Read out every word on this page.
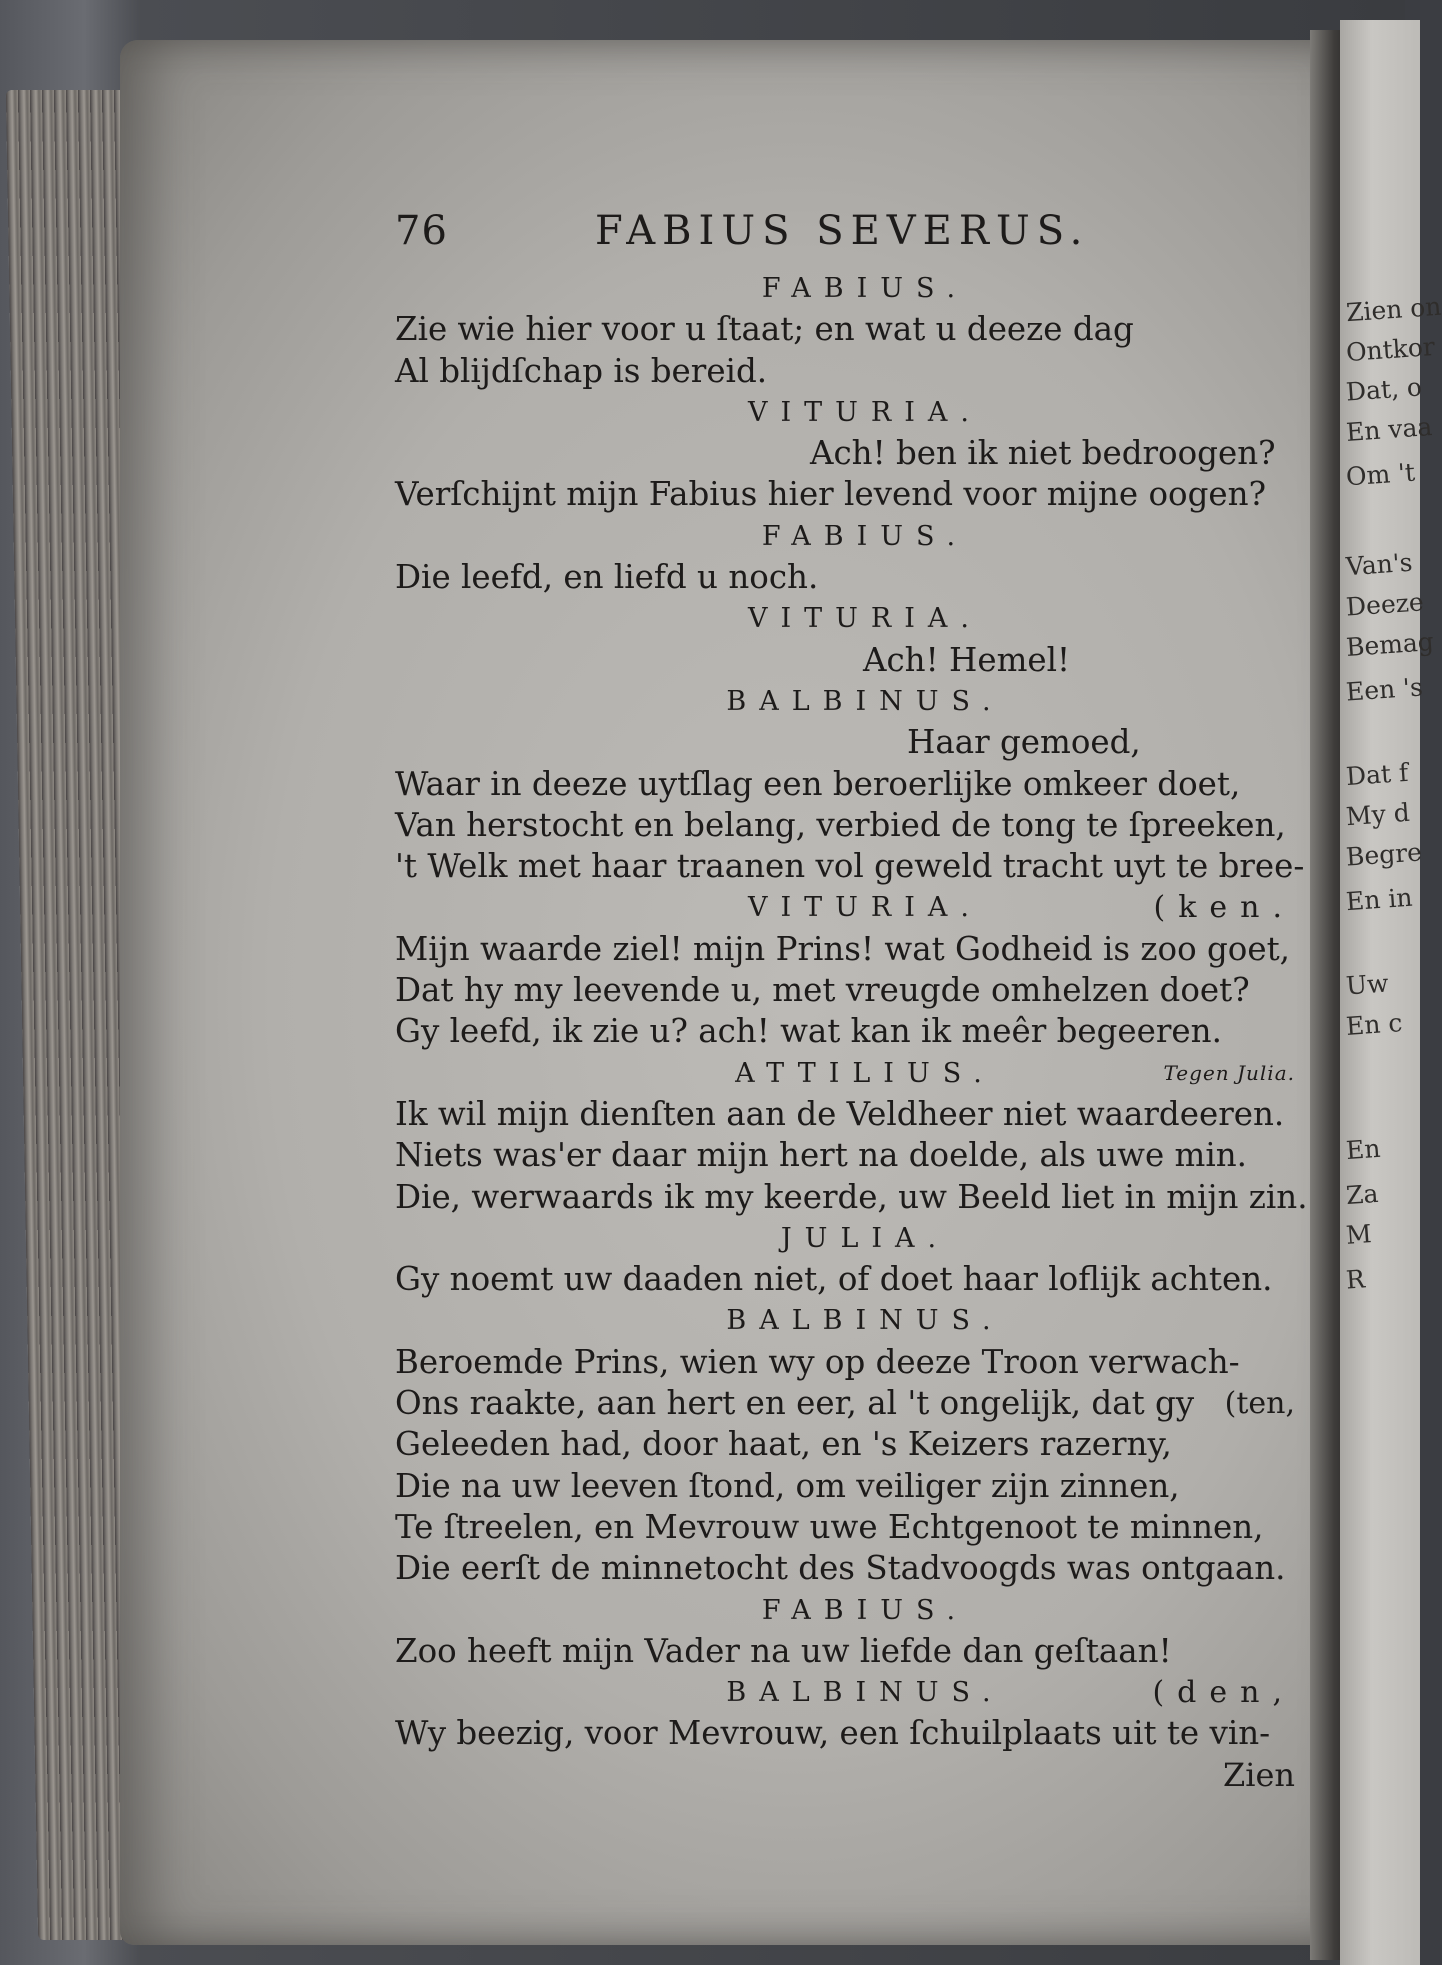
Zien on
Ontkor
Dat, o
En vaa
Om 't
Van's
Deeze
Bemag
Een 's
Dat f
My d
Begre
En in
Uw
En c
En
Za
M
R
76	FABIUS SEVERUS.
FABIUS.
Zie wie hier voor u ſtaat; en wat u deeze dag
Al blijdſchap is bereid.
VITURIA.
Ach! ben ik niet bedroogen?
Verſchijnt mijn Fabius hier levend voor mijne oogen?
FABIUS.
Die leefd, en liefd u noch.
VITURIA.
Ach! Hemel!
BALBINUS.
Haar gemoed,
Waar in deeze uytſlag een beroerlijke omkeer doet,
Van herstocht en belang, verbied de tong te ſpreeken,
't Welk met haar traanen vol geweld tracht uyt te bree-
VITURIA.	(ken.
Mijn waarde ziel! mijn Prins! wat Godheid is zoo goet,
Dat hy my leevende u, met vreugde omhelzen doet?
Gy leefd, ik zie u? ach! wat kan ik meêr begeeren.
ATTILIUS.	Tegen Julia.
Ik wil mijn dienſten aan de Veldheer niet waardeeren.
Niets was'er daar mijn hert na doelde, als uwe min.
Die, werwaards ik my keerde, uw Beeld liet in mijn zin.
JULIA.
Gy noemt uw daaden niet, of doet haar loflijk achten.
BALBINUS.
Beroemde Prins, wien wy op deeze Troon verwach-
Ons raakte, aan hert en eer, al 't ongelijk, dat gy (ten,
Geleeden had, door haat, en 's Keizers razerny,
Die na uw leeven ſtond, om veiliger zijn zinnen,
Te ſtreelen, en Mevrouw uwe Echtgenoot te minnen,
Die eerſt de minnetocht des Stadvoogds was ontgaan.
FABIUS.
Zoo heeft mijn Vader na uw liefde dan geſtaan!
BALBINUS.	(den,
Wy beezig, voor Mevrouw, een ſchuilplaats uit te vin-
Zien
